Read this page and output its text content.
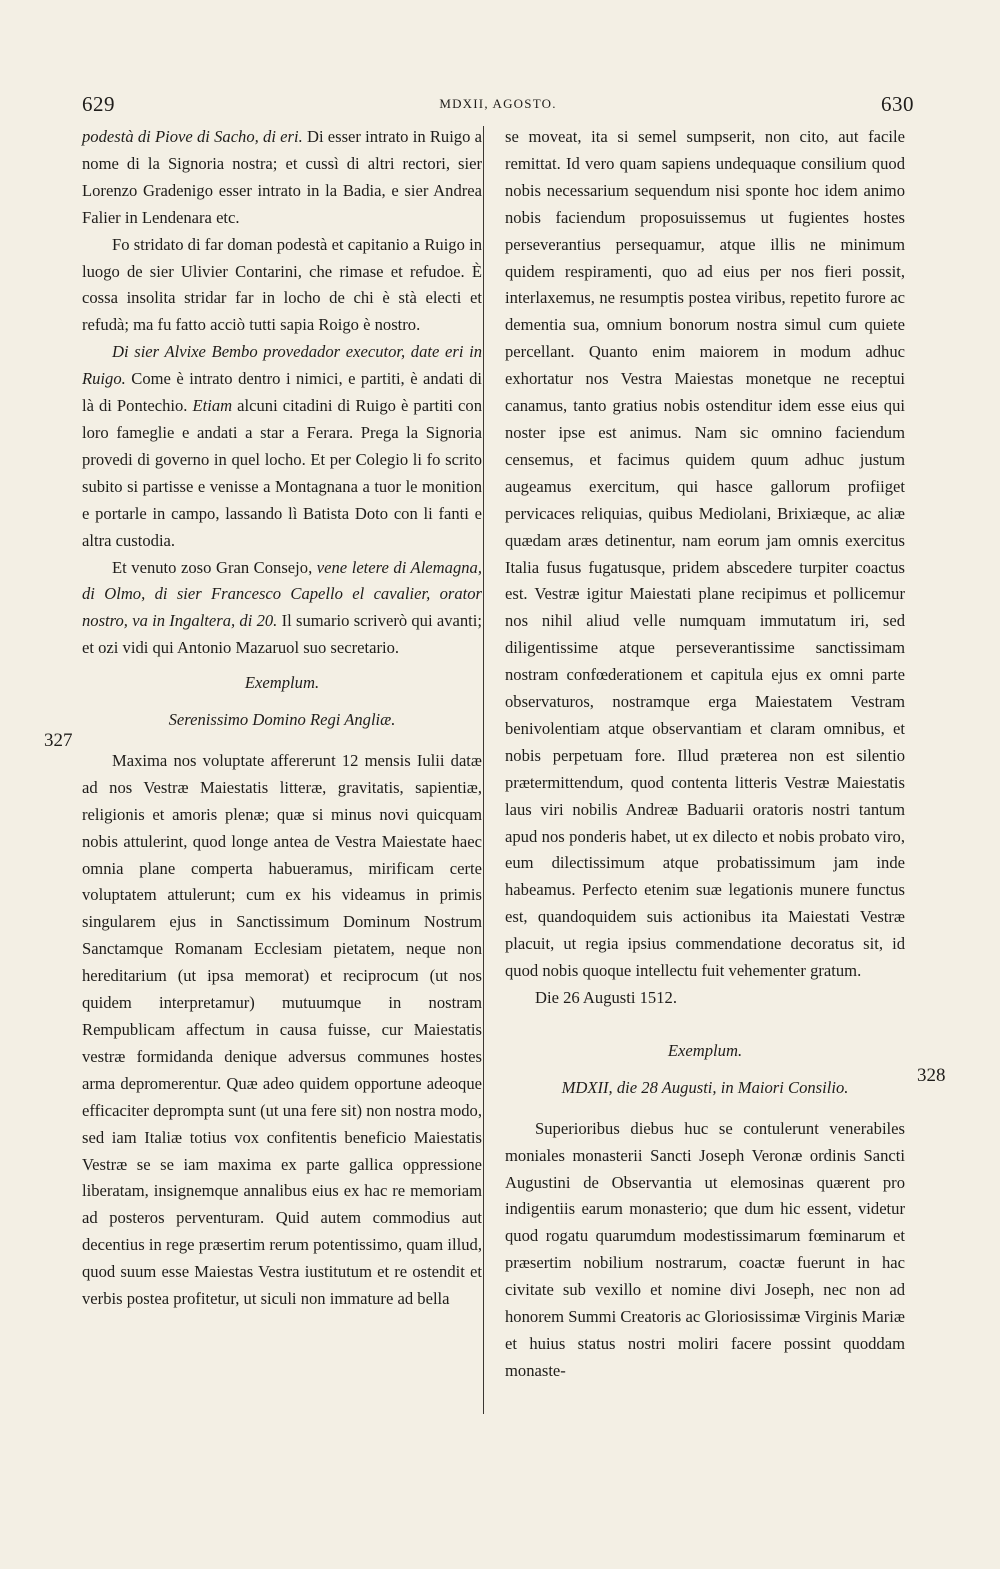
629	MDXII, AGOSTO.	630
327
328

podestà di Piove di Sacho, di eri. Di esser intrato in Ruigo a nome di la Signoria nostra; et cussì di altri rectori, sier Lorenzo Gradenigo esser intrato in la Badia, e sier Andrea Falier in Lendenara etc.

Fo stridato di far doman podestà et capitanio a Ruigo in luogo de sier Ulivier Contarini, che rimase et refudoe. È cossa insolita stridar far in locho de chi è stà electi et refudà; ma fu fatto acciò tutti sapia Roigo è nostro.

Di sier Alvixe Bembo provedador executor, date eri in Ruigo. Come è intrato dentro i nimici, e partiti, è andati di là di Pontechio. Etiam alcuni citadini di Ruigo è partiti con loro fameglie e andati a star a Ferara. Prega la Signoria provedi di governo in quel locho. Et per Colegio li fo scrito subito si partisse e venisse a Montagnana a tuor le monition e portarle in campo, lassando lì Batista Doto con li fanti e altra custodia.

Et venuto zoso Gran Consejo, vene letere di Alemagna, di Olmo, di sier Francesco Capello el cavalier, orator nostro, va in Ingaltera, di 20. Il sumario scriverò qui avanti; et ozi vidi qui Antonio Mazaruol suo secretario.

Exemplum.

Serenissimo Domino Regi Angliæ.

Maxima nos voluptate affererunt 12 mensis Iulii datæ ad nos Vestræ Maiestatis litteræ, gravitatis, sapientiæ, religionis et amoris plenæ; quæ si minus novi quicquam nobis attulerint, quod longe antea de Vestra Maiestate haec omnia plane comperta habueramus, mirificam certe voluptatem attulerunt; cum ex his videamus in primis singularem ejus in Sanctissimum Dominum Nostrum Sanctamque Romanam Ecclesiam pietatem, neque non hereditarium (ut ipsa memorat) et reciprocum (ut nos quidem interpretamur) mutuumque in nostram Rempublicam affectum in causa fuisse, cur Maiestatis vestræ formidanda denique adversus communes hostes arma depromerentur. Quæ adeo quidem opportune adeoque efficaciter deprompta sunt (ut una fere sit) non nostra modo, sed iam Italiæ totius vox confitentis beneficio Maiestatis Vestræ se se iam maxima ex parte gallica oppressione liberatam, insignemque annalibus eius ex hac re memoriam ad posteros perventuram. Quid autem commodius aut decentius in rege præsertim rerum potentissimo, quam illud, quod suum esse Maiestas Vestra iustitutum et re ostendit et verbis postea profitetur, ut siculi non immature ad bella

se moveat, ita si semel sumpserit, non cito, aut facile remittat. Id vero quam sapiens undequaque consilium quod nobis necessarium sequendum nisi sponte hoc idem animo nobis faciendum proposuissemus ut fugientes hostes perseverantius persequamur, atque illis ne minimum quidem respiramenti, quo ad eius per nos fieri possit, interlaxemus, ne resumptis postea viribus, repetito furore ac dementia sua, omnium bonorum nostra simul cum quiete percellant. Quanto enim maiorem in modum adhuc exhortatur nos Vestra Maiestas monetque ne receptui canamus, tanto gratius nobis ostenditur idem esse eius qui noster ipse est animus. Nam sic omnino faciendum censemus, et facimus quidem quum adhuc justum augeamus exercitum, qui hasce gallorum profiiget pervicaces reliquias, quibus Mediolani, Brixiæque, ac aliæ quædam aræs detinentur, nam eorum jam omnis exercitus Italia fusus fugatusque, pridem abscedere turpiter coactus est. Vestræ igitur Maiestati plane recipimus et pollicemur nos nihil aliud velle numquam immutatum iri, sed diligentissime atque perseverantissime sanctissimam nostram confœderationem et capitula ejus ex omni parte observaturos, nostramque erga Maiestatem Vestram benivolentiam atque observantiam et claram omnibus, et nobis perpetuam fore. Illud præterea non est silentio prætermittendum, quod contenta litteris Vestræ Maiestatis laus viri nobilis Andreæ Baduarii oratoris nostri tantum apud nos ponderis habet, ut ex dilecto et nobis probato viro, eum dilectissimum atque probatissimum jam inde habeamus. Perfecto etenim suæ legationis munere functus est, quandoquidem suis actionibus ita Maiestati Vestræ placuit, ut regia ipsius commendatione decoratus sit, id quod nobis quoque intellectu fuit vehementer gratum.

Die 26 Augusti 1512.

Exemplum.

MDXII, die 28 Augusti, in Maiori Consilio.

Superioribus diebus huc se contulerunt venerabiles moniales monasterii Sancti Joseph Veronæ ordinis Sancti Augustini de Observantia ut elemosinas quærent pro indigentiis earum monasterio; que dum hic essent, videtur quod rogatu quarumdum modestissimarum fœminarum et præsertim nobilium nostrarum, coactæ fuerunt in hac civitate sub vexillo et nomine divi Joseph, nec non ad honorem Summi Creatoris ac Gloriosissimæ Virginis Mariæ et huius status nostri moliri facere possint quoddam monaste-
